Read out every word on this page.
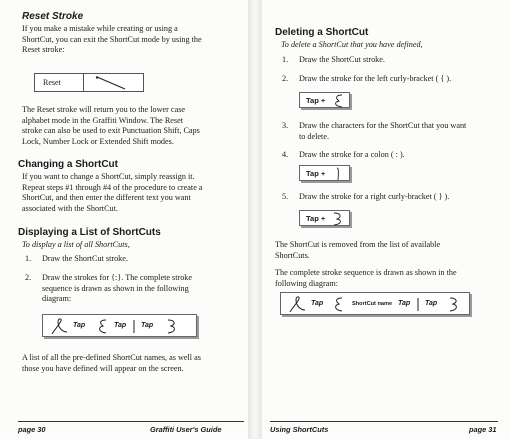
Reset Stroke
If you make a mistake while creating or using a
ShortCut, you can exit the ShortCut mode by using the
Reset stroke:
Reset
The Reset stroke will return you to the lower case
alphabet mode in the Graffiti Window. The Reset
stroke can also be used to exit Punctuation Shift, Caps
Lock, Number Lock or Extended Shift modes.
Changing a ShortCut
If you want to change a ShortCut, simply reassign it.
Repeat steps #1 through #4 of the procedure to create a
ShortCut, and then enter the different text you want
associated with the ShortCut.
Displaying a List of ShortCuts
To display a list of all ShortCuts,
1. Draw the ShortCut stroke.
2. Draw the strokes for {:}. The complete stroke
sequence is drawn as shown in the following
diagram:
Tap	Tap Tap
A list of all the pre-defined ShortCut names, as well as
those you have defined will appear on the screen.
page 30	Graffiti User's Guide
Deleting a ShortCut
To delete a ShortCut that you have defined,
1. Draw the ShortCut stroke.
2. Draw the stroke for the left curly-bracket ( { ).
Tap +
3. Draw the characters for the ShortCut that you want
to delete.
4. Draw the stroke for a colon ( : ).
Tap +
5. Draw the stroke for a right curly-bracket ( } ).
Tap +
The ShortCut is removed from the list of available
ShortCuts.
The complete stroke sequence is drawn as shown in the
following diagram:
Tap	ShortCut name Tap Tap
Using ShortCuts	page 31
